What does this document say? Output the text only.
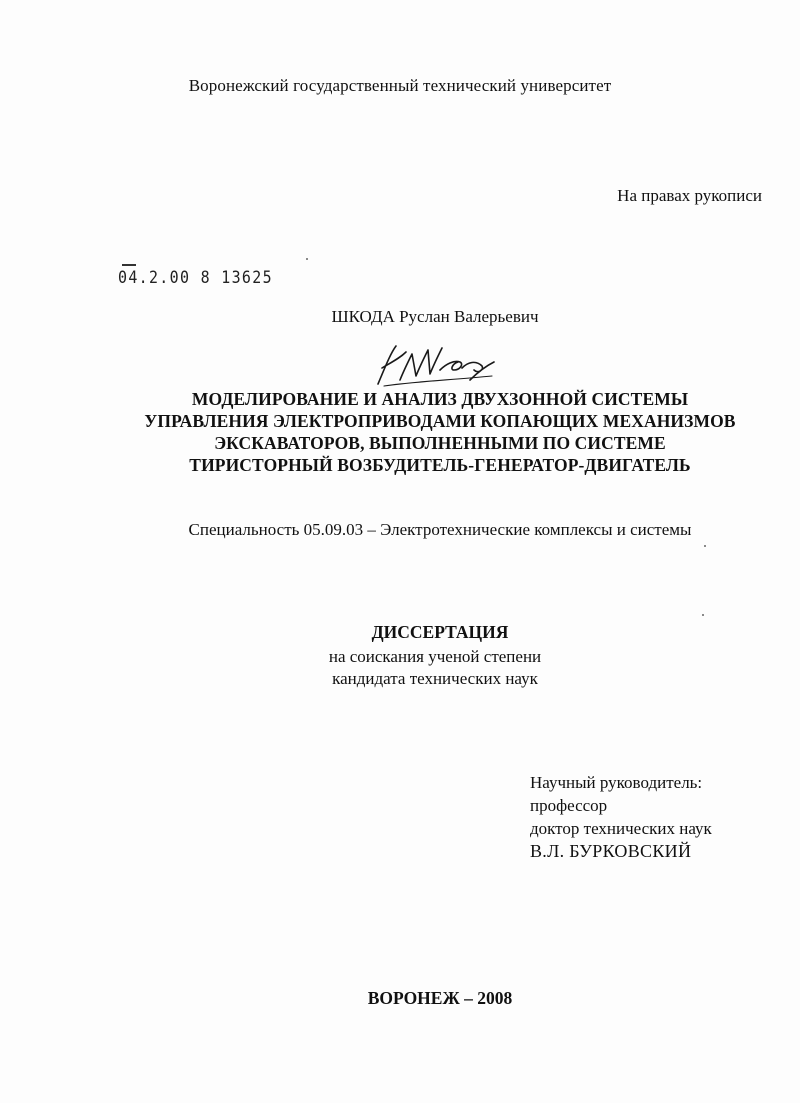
Воронежский государственный технический университет
На правах рукописи
04.2.00 8 13625
ШКОДА Руслан Валерьевич
МОДЕЛИРОВАНИЕ И АНАЛИЗ ДВУХЗОННОЙ СИСТЕМЫ
УПРАВЛЕНИЯ ЭЛЕКТРОПРИВОДАМИ КОПАЮЩИХ МЕХАНИЗМОВ
ЭКСКАВАТОРОВ, ВЫПОЛНЕННЫМИ ПО СИСТЕМЕ
ТИРИСТОРНЫЙ ВОЗБУДИТЕЛЬ-ГЕНЕРАТОР-ДВИГАТЕЛЬ
Специальность 05.09.03 – Электротехнические комплексы и системы
ДИССЕРТАЦИЯ
на соискания ученой степени
кандидата технических наук
Научный руководитель:
профессор
доктор технических наук
В.Л. БУРКОВСКИЙ
ВОРОНЕЖ – 2008
